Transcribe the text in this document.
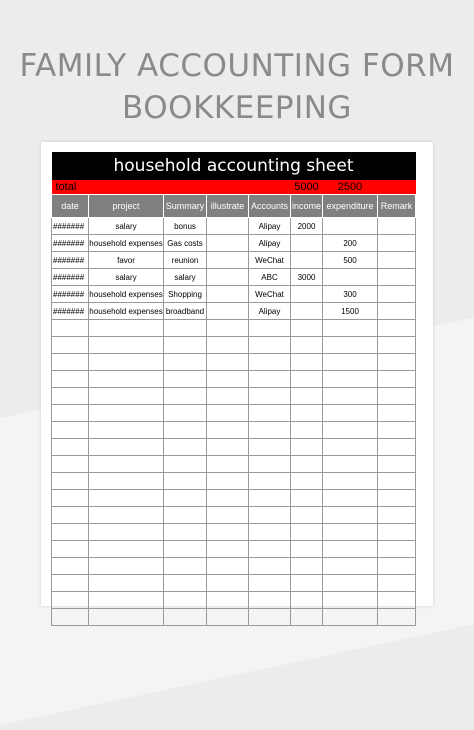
FAMILY ACCOUNTING FORM
BOOKKEEPING
household accounting sheet							
total					5000	2500	
date	project	Summary	illustrate	Accounts	income	expenditure	Remark
#######	salary	bonus		Alipay	2000		
#######	household expenses	Gas costs		Alipay		200	
#######	favor	reunion		WeChat		500	
#######	salary	salary		ABC	3000		
#######	household expenses	Shopping		WeChat		300	
#######	household expenses	broadband		Alipay		1500	
